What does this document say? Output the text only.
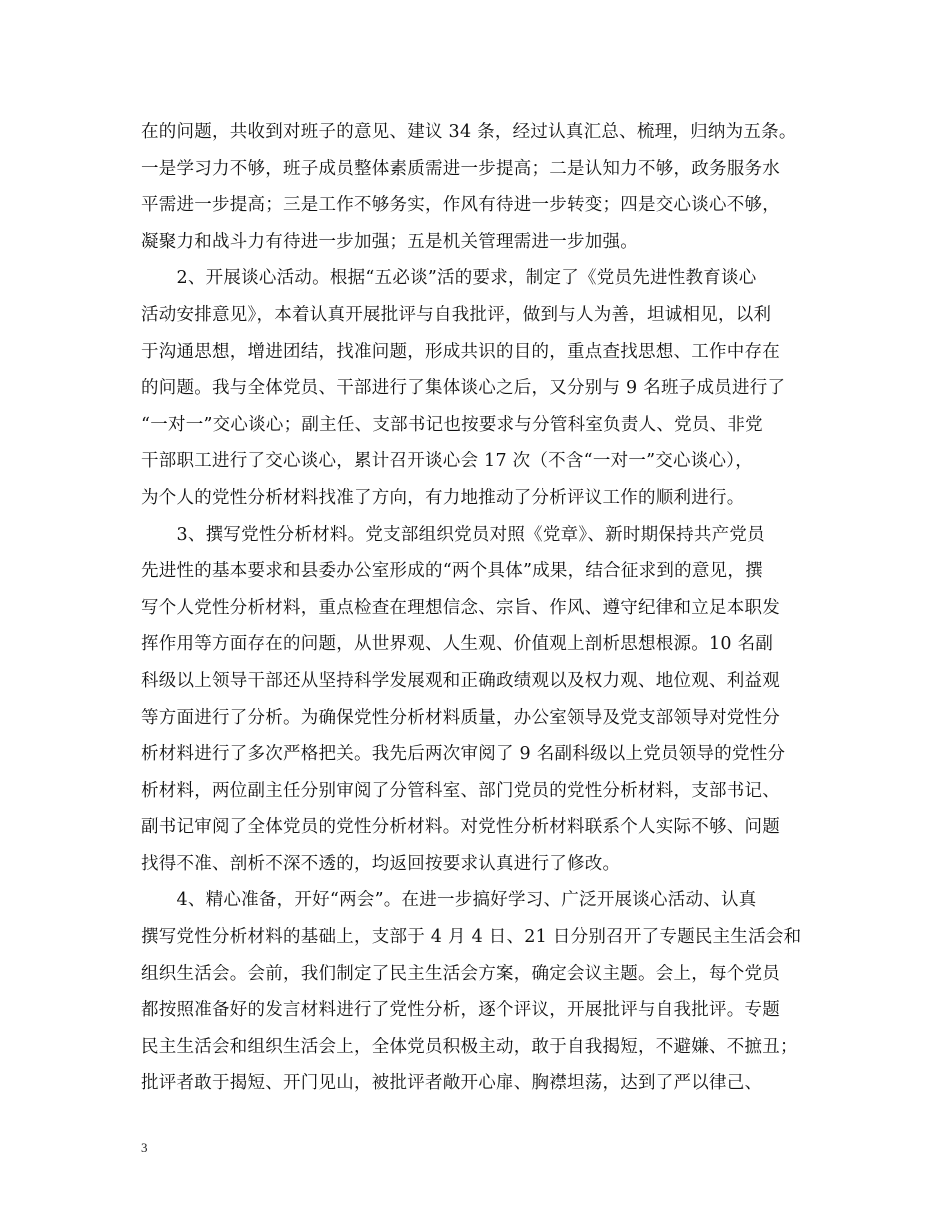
在的问题，共收到对班子的意见、建议 34 条，经过认真汇总、梳理，归纳为五条。
一是学习力不够，班子成员整体素质需进一步提高；二是认知力不够，政务服务水
平需进一步提高；三是工作不够务实，作风有待进一步转变；四是交心谈心不够，
凝聚力和战斗力有待进一步加强；五是机关管理需进一步加强。
　　2、开展谈心活动。根据“五必谈”活的要求，制定了《党员先进性教育谈心
活动安排意见》，本着认真开展批评与自我批评，做到与人为善，坦诚相见，以利
于沟通思想，增进团结，找准问题，形成共识的目的，重点查找思想、工作中存在
的问题。我与全体党员、干部进行了集体谈心之后，又分别与 9 名班子成员进行了
“一对一”交心谈心；副主任、支部书记也按要求与分管科室负责人、党员、非党
干部职工进行了交心谈心，累计召开谈心会 17 次（不含“一对一”交心谈心），
为个人的党性分析材料找准了方向，有力地推动了分析评议工作的顺利进行。
　　3、撰写党性分析材料。党支部组织党员对照《党章》、新时期保持共产党员
先进性的基本要求和县委办公室形成的“两个具体”成果，结合征求到的意见，撰
写个人党性分析材料，重点检查在理想信念、宗旨、作风、遵守纪律和立足本职发
挥作用等方面存在的问题，从世界观、人生观、价值观上剖析思想根源。10 名副
科级以上领导干部还从坚持科学发展观和正确政绩观以及权力观、地位观、利益观
等方面进行了分析。为确保党性分析材料质量，办公室领导及党支部领导对党性分
析材料进行了多次严格把关。我先后两次审阅了 9 名副科级以上党员领导的党性分
析材料，两位副主任分别审阅了分管科室、部门党员的党性分析材料，支部书记、
副书记审阅了全体党员的党性分析材料。对党性分析材料联系个人实际不够、问题
找得不准、剖析不深不透的，均返回按要求认真进行了修改。
　　4、精心准备，开好“两会”。在进一步搞好学习、广泛开展谈心活动、认真
撰写党性分析材料的基础上，支部于 4 月 4 日、21 日分别召开了专题民主生活会和
组织生活会。会前，我们制定了民主生活会方案，确定会议主题。会上，每个党员
都按照准备好的发言材料进行了党性分析，逐个评议，开展批评与自我批评。专题
民主生活会和组织生活会上，全体党员积极主动，敢于自我揭短，不避嫌、不摭丑；
批评者敢于揭短、开门见山，被批评者敞开心扉、胸襟坦荡，达到了严以律己、
3
